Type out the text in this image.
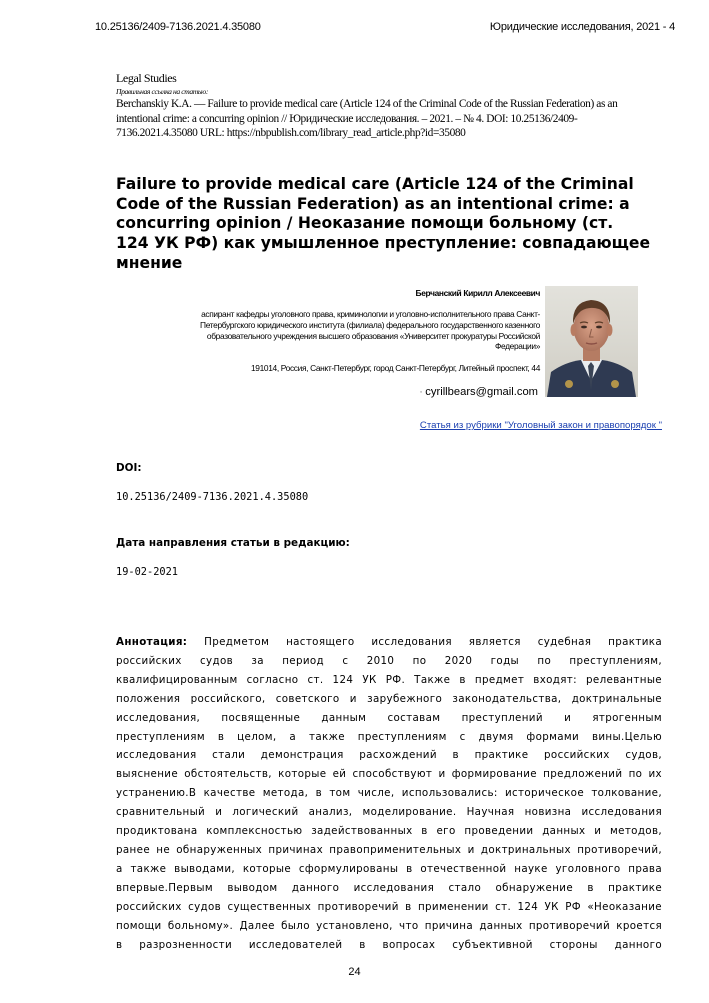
10.25136/2409-7136.2021.4.35080	Юридические исследования, 2021 - 4
Legal Studies
Правильная ссылка на статью:
Berchanskiy K.A. — Failure to provide medical care (Article 124 of the Criminal Code of the Russian Federation) as an
intentional crime: a concurring opinion // Юридические исследования. – 2021. – № 4. DOI: 10.25136/2409-
7136.2021.4.35080 URL: https://nbpublish.com/library_read_article.php?id=35080
Failure to provide medical care (Article 124 of the Criminal
Code of the Russian Federation) as an intentional crime: a
concurring opinion / Неоказание помощи больному (ст.
124 УК РФ) как умышленное преступление: совпадающее
мнение
Берчанский Кирилл Алексеевич
аспирант кафедры уголовного права, криминологии и уголовно-исполнительного права Санкт-
Петербургского юридического института (филиала) федерального государственного казенного
образовательного учреждения высшего образования «Университет прокуратуры Российской
Федерации»
191014, Россия, Санкт-Петербург, город Санкт-Петербург, Литейный проспект, 44
◦ cyrillbears@gmail.com
Статья из рубрики "Уголовный закон и правопорядок "
DOI:
10.25136/2409-7136.2021.4.35080
Дата направления статьи в редакцию:
19-02-2021
Аннотация: Предметом настоящего исследования является судебная практика
российских судов за период с 2010 по 2020 годы по преступлениям,
квалифицированным согласно ст. 124 УК РФ. Также в предмет входят: релевантные
положения российского, советского и зарубежного законодательства, доктринальные
исследования, посвященные данным составам преступлений и ятрогенным
преступлениям в целом, а также преступлениям с двумя формами вины.Целью
исследования стали демонстрация расхождений в практике российских судов,
выяснение обстоятельств, которые ей способствуют и формирование предложений по их
устранению.В качестве метода, в том числе, использовались: историческое толкование,
сравнительный и логический анализ, моделирование. Научная новизна исследования
продиктована комплексностью задействованных в его проведении данных и методов,
ранее не обнаруженных причинах правоприменительных и доктринальных противоречий,
а также выводами, которые сформулированы в отечественной науке уголовного права
впервые.Первым выводом данного исследования стало обнаружение в практике
российских судов существенных противоречий в применении ст. 124 УК РФ «Неоказание
помощи больному». Далее было установлено, что причина данных противоречий кроется
в разрозненности исследователей в вопросах субъективной стороны данного
24
